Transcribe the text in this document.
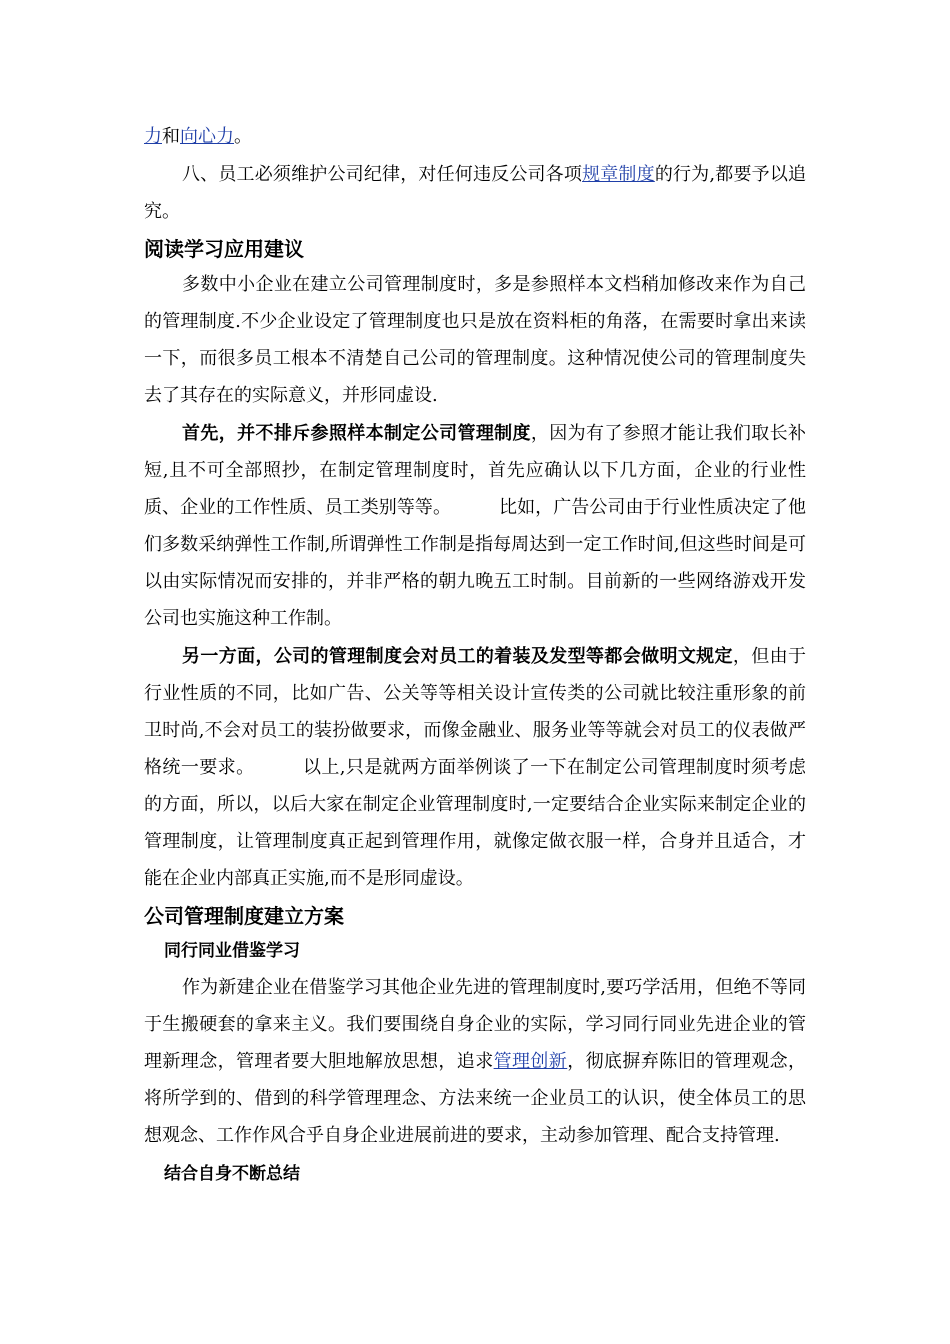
力和向心力。

八、员工必须维护公司纪律，对任何违反公司各项规章制度的行为,都要予以追究。

阅读学习应用建议

多数中小企业在建立公司管理制度时，多是参照样本文档稍加修改来作为自己的管理制度.不少企业设定了管理制度也只是放在资料柜的角落，在需要时拿出来读一下，而很多员工根本不清楚自己公司的管理制度。这种情况使公司的管理制度失去了其存在的实际意义，并形同虚设.

首先，并不排斥参照样本制定公司管理制度，因为有了参照才能让我们取长补短,且不可全部照抄，在制定管理制度时，首先应确认以下几方面，企业的行业性质、企业的工作性质、员工类别等等。	比如，广告公司由于行业性质决定了他们多数采纳弹性工作制,所谓弹性工作制是指每周达到一定工作时间,但这些时间是可以由实际情况而安排的，并非严格的朝九晚五工时制。目前新的一些网络游戏开发公司也实施这种工作制。

另一方面，公司的管理制度会对员工的着装及发型等都会做明文规定，但由于行业性质的不同，比如广告、公关等等相关设计宣传类的公司就比较注重形象的前卫时尚,不会对员工的装扮做要求，而像金融业、服务业等等就会对员工的仪表做严格统一要求。	以上,只是就两方面举例谈了一下在制定公司管理制度时须考虑的方面，所以，以后大家在制定企业管理制度时,一定要结合企业实际来制定企业的管理制度，让管理制度真正起到管理作用，就像定做衣服一样，合身并且适合，才能在企业内部真正实施,而不是形同虚设。

公司管理制度建立方案
同行同业借鉴学习

作为新建企业在借鉴学习其他企业先进的管理制度时,要巧学活用，但绝不等同于生搬硬套的拿来主义。我们要围绕自身企业的实际，学习同行同业先进企业的管理新理念，管理者要大胆地解放思想，追求管理创新，彻底摒弃陈旧的管理观念，将所学到的、借到的科学管理理念、方法来统一企业员工的认识，使全体员工的思想观念、工作作风合乎自身企业进展前进的要求，主动参加管理、配合支持管理.

结合自身不断总结
